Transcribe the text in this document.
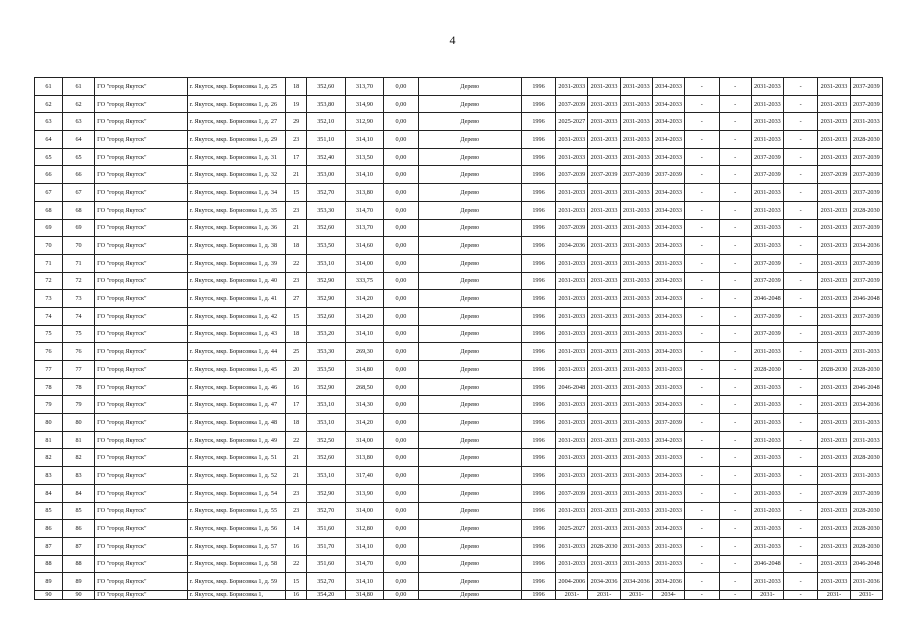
4
61	61	ГО "город Якутск"	г. Якутск, мкр. Борисовка 1, д. 25	18	352,60	313,70	0,00	Дерево	1996	2031-2033	2031-2033	2031-2033	2034-2033	-	-	2031-2033	-	2031-2033	2037-2039
62	62	ГО "город Якутск"	г. Якутск, мкр. Борисовка 1, д. 26	19	353,80	314,90	0,00	Дерево	1996	2037-2039	2031-2033	2031-2033	2034-2033	-	-	2031-2033	-	2031-2033	2037-2039
63	63	ГО "город Якутск"	г. Якутск, мкр. Борисовка 1, д. 27	29	352,10	312,90	0,00	Дерево	1996	2025-2027	2031-2033	2031-2033	2034-2033	-	-	2031-2033	-	2031-2033	2031-2033
64	64	ГО "город Якутск"	г. Якутск, мкр. Борисовка 1, д. 29	23	351,10	314,10	0,00	Дерево	1996	2031-2033	2031-2033	2031-2033	2034-2033	-	-	2031-2033	-	2031-2033	2028-2030
65	65	ГО "город Якутск"	г. Якутск, мкр. Борисовка 1, д. 31	17	352,40	313,50	0,00	Дерево	1996	2031-2033	2031-2033	2031-2033	2034-2033	-	-	2037-2039	-	2031-2033	2037-2039
66	66	ГО "город Якутск"	г. Якутск, мкр. Борисовка 1, д. 32	21	353,00	314,10	0,00	Дерево	1996	2037-2039	2037-2039	2037-2039	2037-2039	-	-	2037-2039	-	2037-2039	2037-2039
67	67	ГО "город Якутск"	г. Якутск, мкр. Борисовка 1, д. 34	15	352,70	313,80	0,00	Дерево	1996	2031-2033	2031-2033	2031-2033	2034-2033	-	-	2031-2033	-	2031-2033	2037-2039
68	68	ГО "город Якутск"	г. Якутск, мкр. Борисовка 1, д. 35	23	353,30	314,70	0,00	Дерево	1996	2031-2033	2031-2033	2031-2033	2034-2033	-	-	2031-2033	-	2031-2033	2028-2030
69	69	ГО "город Якутск"	г. Якутск, мкр. Борисовка 1, д. 36	21	352,60	313,70	0,00	Дерево	1996	2037-2039	2031-2033	2031-2033	2034-2033	-	-	2031-2033	-	2031-2033	2037-2039
70	70	ГО "город Якутск"	г. Якутск, мкр. Борисовка 1, д. 38	18	353,50	314,60	0,00	Дерево	1996	2034-2036	2031-2033	2031-2033	2034-2033	-	-	2031-2033	-	2031-2033	2034-2036
71	71	ГО "город Якутск"	г. Якутск, мкр. Борисовка 1, д. 39	22	353,10	314,00	0,00	Дерево	1996	2031-2033	2031-2033	2031-2033	2031-2033	-	-	2037-2039	-	2031-2033	2037-2039
72	72	ГО "город Якутск"	г. Якутск, мкр. Борисовка 1, д. 40	23	352,90	333,75	0,00	Дерево	1996	2031-2033	2031-2033	2031-2033	2034-2033	-	-	2037-2039	-	2031-2033	2037-2039
73	73	ГО "город Якутск"	г. Якутск, мкр. Борисовка 1, д. 41	27	352,90	314,20	0,00	Дерево	1996	2031-2033	2031-2033	2031-2033	2034-2033	-	-	2046-2048	-	2031-2033	2046-2048
74	74	ГО "город Якутск"	г. Якутск, мкр. Борисовка 1, д. 42	15	352,60	314,20	0,00	Дерево	1996	2031-2033	2031-2033	2031-2033	2034-2033	-	-	2037-2039	-	2031-2033	2037-2039
75	75	ГО "город Якутск"	г. Якутск, мкр. Борисовка 1, д. 43	18	353,20	314,10	0,00	Дерево	1996	2031-2033	2031-2033	2031-2033	2031-2033	-	-	2037-2039	-	2031-2033	2037-2039
76	76	ГО "город Якутск"	г. Якутск, мкр. Борисовка 1, д. 44	25	353,30	269,30	0,00	Дерево	1996	2031-2033	2031-2033	2031-2033	2034-2033	-	-	2031-2033	-	2031-2033	2031-2033
77	77	ГО "город Якутск"	г. Якутск, мкр. Борисовка 1, д. 45	20	353,50	314,80	0,00	Дерево	1996	2031-2033	2031-2033	2031-2033	2031-2033	-	-	2028-2030	-	2028-2030	2028-2030
78	78	ГО "город Якутск"	г. Якутск, мкр. Борисовка 1, д. 46	16	352,90	268,50	0,00	Дерево	1996	2046-2048	2031-2033	2031-2033	2031-2033	-	-	2031-2033	-	2031-2033	2046-2048
79	79	ГО "город Якутск"	г. Якутск, мкр. Борисовка 1, д. 47	17	353,10	314,30	0,00	Дерево	1996	2031-2033	2031-2033	2031-2033	2034-2033	-	-	2031-2033	-	2031-2033	2034-2036
80	80	ГО "город Якутск"	г. Якутск, мкр. Борисовка 1, д. 48	18	353,10	314,20	0,00	Дерево	1996	2031-2033	2031-2033	2031-2033	2037-2039	-	-	2031-2033	-	2031-2033	2031-2033
81	81	ГО "город Якутск"	г. Якутск, мкр. Борисовка 1, д. 49	22	352,50	314,00	0,00	Дерево	1996	2031-2033	2031-2033	2031-2033	2034-2033	-	-	2031-2033	-	2031-2033	2031-2033
82	82	ГО "город Якутск"	г. Якутск, мкр. Борисовка 1, д. 51	21	352,60	313,80	0,00	Дерево	1996	2031-2033	2031-2033	2031-2033	2031-2033	-	-	2031-2033	-	2031-2033	2028-2030
83	83	ГО "город Якутск"	г. Якутск, мкр. Борисовка 1, д. 52	21	353,10	317,40	0,00	Дерево	1996	2031-2033	2031-2033	2031-2033	2034-2033	-	-	2031-2033	-	2031-2033	2031-2033
84	84	ГО "город Якутск"	г. Якутск, мкр. Борисовка 1, д. 54	23	352,90	313,90	0,00	Дерево	1996	2037-2039	2031-2033	2031-2033	2031-2033	-	-	2031-2033	-	2037-2039	2037-2039
85	85	ГО "город Якутск"	г. Якутск, мкр. Борисовка 1, д. 55	23	352,70	314,00	0,00	Дерево	1996	2031-2033	2031-2033	2031-2033	2031-2033	-	-	2031-2033	-	2031-2033	2028-2030
86	86	ГО "город Якутск"	г. Якутск, мкр. Борисовка 1, д. 56	14	351,60	312,80	0,00	Дерево	1996	2025-2027	2031-2033	2031-2033	2034-2033	-	-	2031-2033	-	2031-2033	2028-2030
87	87	ГО "город Якутск"	г. Якутск, мкр. Борисовка 1, д. 57	16	351,70	314,10	0,00	Дерево	1996	2031-2033	2028-2030	2031-2033	2031-2033	-	-	2031-2033	-	2031-2033	2028-2030
88	88	ГО "город Якутск"	г. Якутск, мкр. Борисовка 1, д. 58	22	351,60	314,70	0,00	Дерево	1996	2031-2033	2031-2033	2031-2033	2031-2033	-	-	2046-2048	-	2031-2033	2046-2048
89	89	ГО "город Якутск"	г. Якутск, мкр. Борисовка 1, д. 59	15	352,70	314,10	0,00	Дерево	1996	2004-2006	2034-2036	2034-2036	2034-2036	-	-	2031-2033	-	2031-2033	2031-2036
90	90	ГО "город Якутск"	г. Якутск, мкр. Борисовка 1,	16	354,20	314,80	0,00	Дерево	1996	2031-	2031-	2031-	2034-	-	-	2031-	-	2031-	2031-
